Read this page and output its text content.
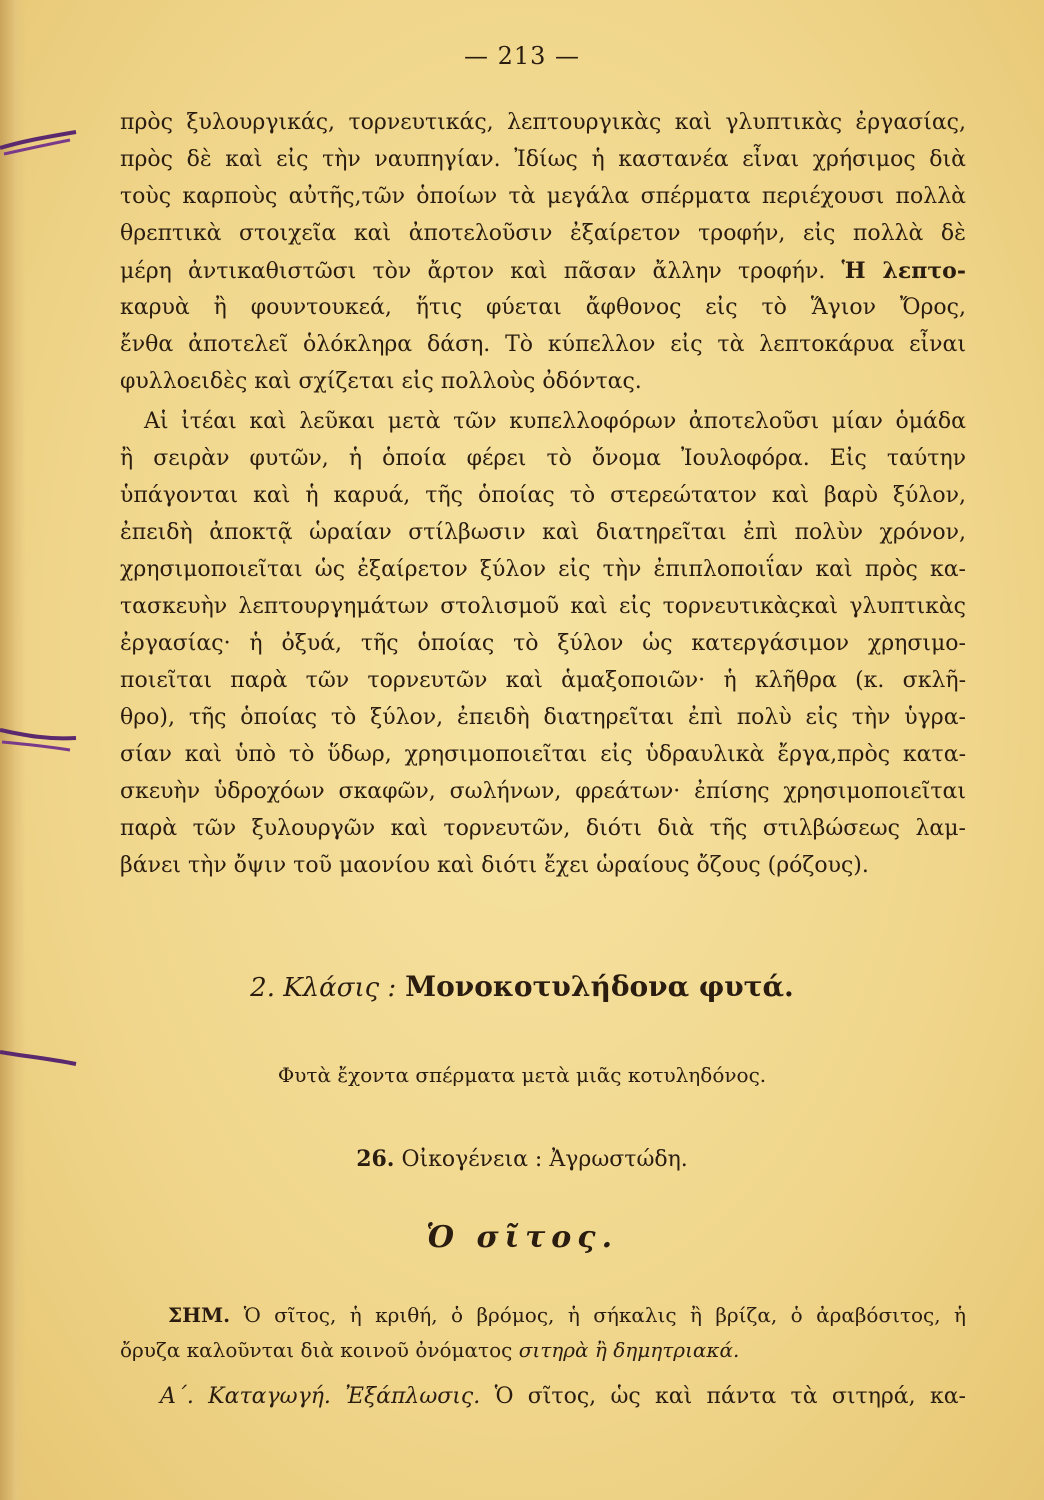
— 213 —
πρὸς ξυλουργικάς, τορνευτικάς, λεπτουργικὰς καὶ γλυπτικὰς ἐργασίας,
πρὸς δὲ καὶ εἰς τὴν ναυπηγίαν. Ἰδίως ἡ καστανέα εἶναι χρήσιμος διὰ
τοὺς καρποὺς αὐτῆς,τῶν ὁποίων τὰ μεγάλα σπέρματα περιέχουσι πολλὰ
θρεπτικὰ στοιχεῖα καὶ ἀποτελοῦσιν ἐξαίρετον τροφήν, εἰς πολλὰ δὲ
μέρη ἀντικαθιστῶσι τὸν ἄρτον καὶ πᾶσαν ἄλλην τροφήν. Ἡ λεπτο-
καρυὰ ἢ φουντουκεά, ἥτις φύεται ἄφθονος εἰς τὸ Ἅγιον Ὄρος,
ἔνθα ἀποτελεῖ ὁλόκληρα δάση. Τὸ κύπελλον εἰς τὰ λεπτοκάρυα εἶναι
φυλλοειδὲς καὶ σχίζεται εἰς πολλοὺς ὀδόντας.
Αἱ ἰτέαι καὶ λεῦκαι μετὰ τῶν κυπελλοφόρων ἀποτελοῦσι μίαν ὁμάδα
ἢ σειρὰν φυτῶν, ἡ ὁποία φέρει τὸ ὄνομα Ἰουλοφόρα. Εἰς ταύτην
ὑπάγονται καὶ ἡ καρυά, τῆς ὁποίας τὸ στερεώτατον καὶ βαρὺ ξύλον,
ἐπειδὴ ἀποκτᾷ ὡραίαν στίλβωσιν καὶ διατηρεῖται ἐπὶ πολὺν χρόνον,
χρησιμοποιεῖται ὡς ἐξαίρετον ξύλον εἰς τὴν ἐπιπλοποιΐαν καὶ πρὸς κα-
τασκευὴν λεπτουργημάτων στολισμοῦ καὶ εἰς τορνευτικὰςκαὶ γλυπτικὰς
ἐργασίας· ἡ ὀξυά, τῆς ὁποίας τὸ ξύλον ὡς κατεργάσιμον χρησιμο-
ποιεῖται παρὰ τῶν τορνευτῶν καὶ ἁμαξοποιῶν· ἡ κλῆθρα (κ. σκλῆ-
θρο), τῆς ὁποίας τὸ ξύλον, ἐπειδὴ διατηρεῖται ἐπὶ πολὺ εἰς τὴν ὑγρα-
σίαν καὶ ὑπὸ τὸ ὕδωρ, χρησιμοποιεῖται εἰς ὑδραυλικὰ ἔργα,πρὸς κατα-
σκευὴν ὑδροχόων σκαφῶν, σωλήνων, φρεάτων· ἐπίσης χρησιμοποιεῖται
παρὰ τῶν ξυλουργῶν καὶ τορνευτῶν, διότι διὰ τῆς στιλβώσεως λαμ-
βάνει τὴν ὄψιν τοῦ μαονίου καὶ διότι ἔχει ὡραίους ὄζους (ρόζους).
2. Κλάσις : Μονοκοτυλήδονα φυτά.
Φυτὰ ἔχοντα σπέρματα μετὰ μιᾶς κοτυληδόνος.
26. Οἰκογένεια : Ἀγρωστώδη.
Ὁ σῖτος.
ΣΗΜ. Ὁ σῖτος, ἡ κριθή, ὁ βρόμος, ἡ σήκαλις ἢ βρίζα, ὁ ἀραβόσιτος, ἡ
ὄρυζα καλοῦνται διὰ κοινοῦ ὀνόματος σιτηρὰ ἢ δημητριακά.
Α΄. Καταγωγή. Ἐξάπλωσις. Ὁ σῖτος, ὡς καὶ πάντα τὰ σιτηρά, κα-
